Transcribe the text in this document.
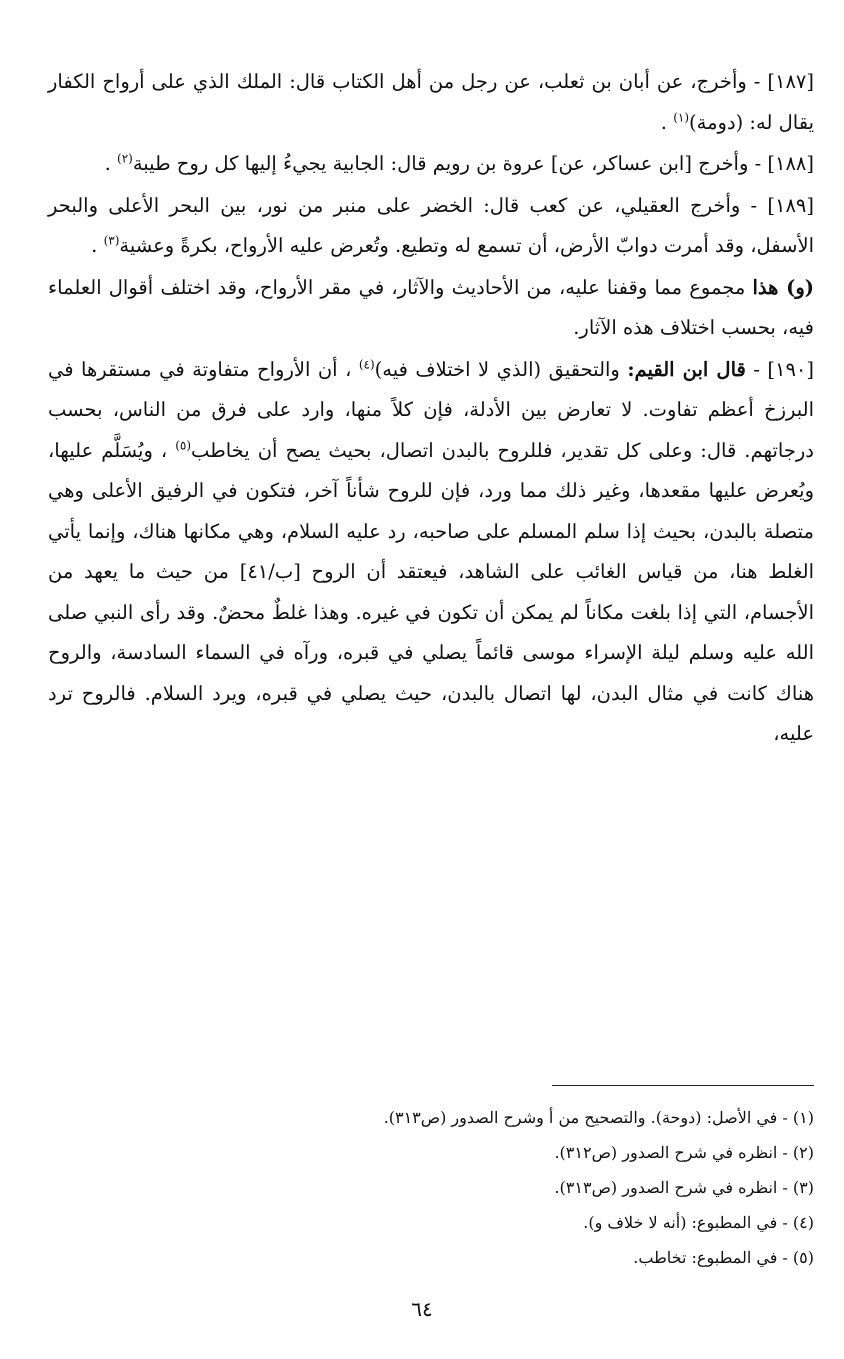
[١٨٧] - وأخرج، عن أبان بن ثعلب، عن رجل من أهل الكتاب قال: الملك الذي على أرواح الكفار يقال له: (دومة)$^{(١)}$ .

[١٨٨] - وأخرج [ابن عساكر، عن] عروة بن رويم قال: الجابية يجيءُ إليها كل روح طيبة$^{(٢)}$ .

[١٨٩] - وأخرج العقيلي، عن كعب قال: الخضر على منبر من نور، بين البحر الأعلى والبحر الأسفل، وقد أمرت دوابّ الأرض، أن تسمع له وتطيع. وتُعرض عليه الأرواح، بكرةً وعشية$^{(٣)}$ .

(و) هذا مجموع مما وقفنا عليه، من الأحاديث والآثار، في مقر الأرواح، وقد اختلف أقوال العلماء فيه، بحسب اختلاف هذه الآثار.

[١٩٠] - قال ابن القيم: والتحقيق (الذي لا اختلاف فيه)$^{(٤)}$ ، أن الأرواح متفاوتة في مستقرها في البرزخ أعظم تفاوت. لا تعارض بين الأدلة، فإن كلاً منها، وارد على فرق من الناس، بحسب درجاتهم. قال: وعلى كل تقدير، فللروح بالبدن اتصال، بحيث يصح أن يخاطب$^{(٥)}$ ، ويُسَلَّم عليها، ويُعرض عليها مقعدها، وغير ذلك مما ورد، فإن للروح شأناً آخر، فتكون في الرفيق الأعلى وهي متصلة بالبدن، بحيث إذا سلم المسلم على صاحبه، رد عليه السلام، وهي مكانها هناك، وإنما يأتي الغلط هنا، من قياس الغائب على الشاهد، فيعتقد أن الروح [ب/٤١] من حيث ما يعهد من الأجسام، التي إذا بلغت مكاناً لم يمكن أن تكون في غيره. وهذا غلطٌ محضٌ. وقد رأى النبي صلى الله عليه وسلم ليلة الإسراء موسى قائماً يصلي في قبره، ورآه في السماء السادسة، والروح هناك كانت في مثال البدن، لها اتصال بالبدن، حيث يصلي في قبره، ويرد السلام. فالروح ترد عليه،

(١) - في الأصل: (دوحة). والتصحيح من أ وشرح الصدور (ص٣١٣).
(٢) - انظره في شرح الصدور (ص٣١٢).
(٣) - انظره في شرح الصدور (ص٣١٣).
(٤) - في المطبوع: (أنه لا خلاف و).
(٥) - في المطبوع: تخاطب.
٦٤
